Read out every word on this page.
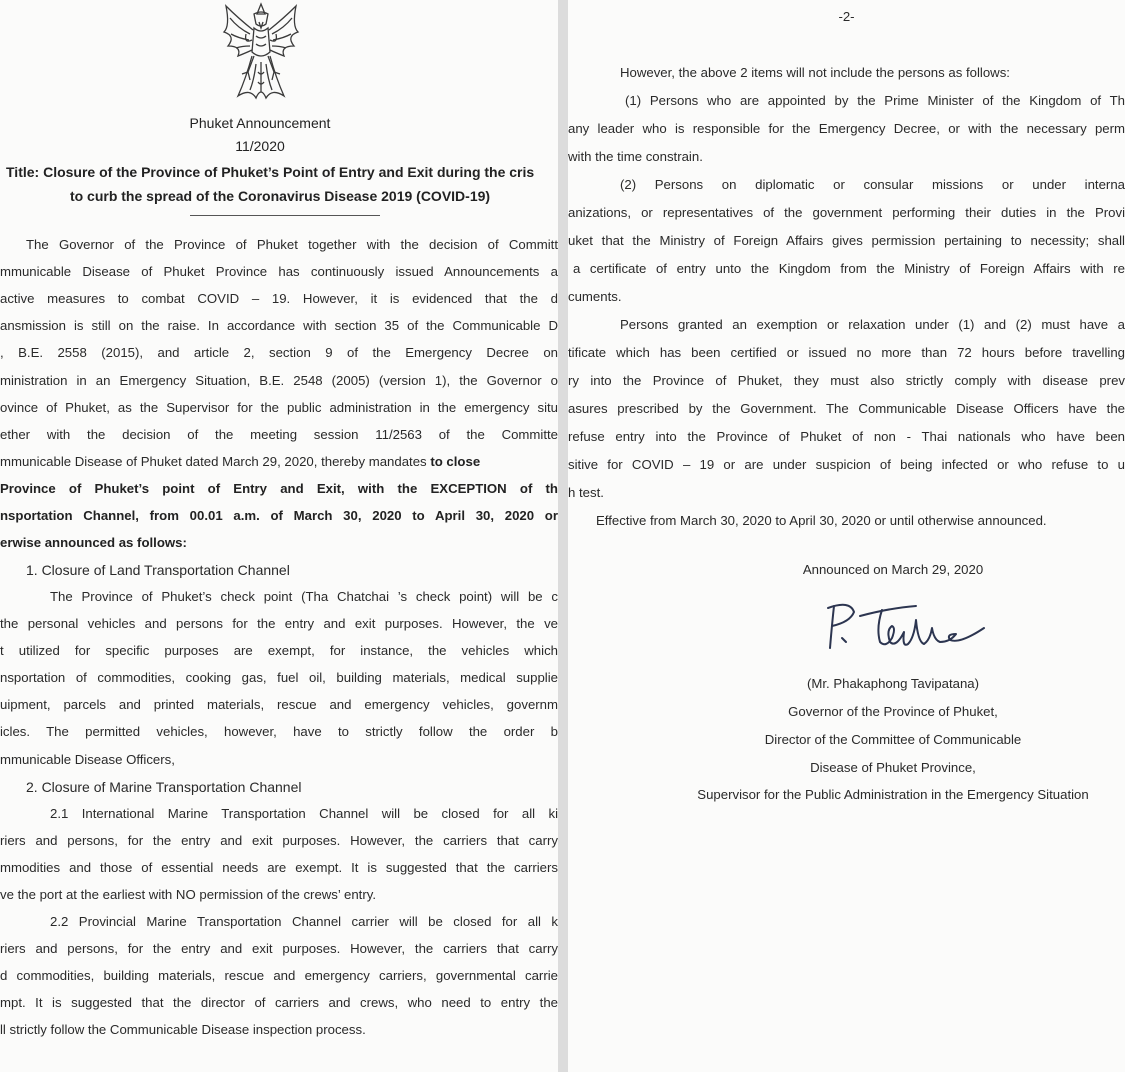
Phuket Announcement
11/2020
Title: Closure of the Province of Phuket’s Point of Entry and Exit during the cris
to curb the spread of the Coronavirus Disease 2019 (COVID-19)
The Governor of the Province of Phuket together with the decision of Committ
mmunicable Disease of Phuket Province has continuously issued Announcements a
active measures to combat COVID – 19. However, it is evidenced that the d
ansmission is still on the raise. In accordance with section 35 of the Communicable D
, B.E. 2558 (2015), and article 2, section 9 of the Emergency Decree on
ministration in an Emergency Situation, B.E. 2548 (2005) (version 1), the Governor o
ovince of Phuket, as the Supervisor for the public administration in the emergency situ
ether with the decision of the meeting session 11/2563 of the Committe
mmunicable Disease of Phuket dated March 29, 2020, thereby mandates to close
Province of Phuket’s point of Entry and Exit, with the EXCEPTION of th
nsportation Channel, from 00.01 a.m. of March 30, 2020 to April 30, 2020 or
erwise announced as follows:
1. Closure of Land Transportation Channel
The Province of Phuket’s check point (Tha Chatchai ’s check point) will be c
the personal vehicles and persons for the entry and exit purposes. However, the ve
t utilized for specific purposes are exempt, for instance, the vehicles which
nsportation of commodities, cooking gas, fuel oil, building materials, medical supplie
uipment, parcels and printed materials, rescue and emergency vehicles, governm
icles. The permitted vehicles, however, have to strictly follow the order b
mmunicable Disease Officers,
2. Closure of Marine Transportation Channel
2.1 International Marine Transportation Channel will be closed for all ki
riers and persons, for the entry and exit purposes. However, the carriers that carry
mmodities and those of essential needs are exempt. It is suggested that the carriers
ve the port at the earliest with NO permission of the crews’ entry.
2.2 Provincial Marine Transportation Channel carrier will be closed for all k
riers and persons, for the entry and exit purposes. However, the carriers that carry
d commodities, building materials, rescue and emergency carriers, governmental carrie
mpt. It is suggested that the director of carriers and crews, who need to entry the
ll strictly follow the Communicable Disease inspection process.
-2-
However, the above 2 items will not include the persons as follows:
(1) Persons who are appointed by the Prime Minister of the Kingdom of Th
any leader who is responsible for the Emergency Decree, or with the necessary perm
with the time constrain.
(2) Persons on diplomatic or consular missions or under interna
anizations, or representatives of the government performing their duties in the Provi
uket that the Ministry of Foreign Affairs gives permission pertaining to necessity; shall
a certificate of entry unto the Kingdom from the Ministry of Foreign Affairs with re
cuments.
Persons granted an exemption or relaxation under (1) and (2) must have a
tificate which has been certified or issued no more than 72 hours before travelling
ry into the Province of Phuket, they must also strictly comply with disease prev
asures prescribed by the Government. The Communicable Disease Officers have the
refuse entry into the Province of Phuket of non - Thai nationals who have been
sitive for COVID – 19 or are under suspicion of being infected or who refuse to u
h test.
Effective from March 30, 2020 to April 30, 2020 or until otherwise announced.
Announced on March 29, 2020
(Mr. Phakaphong Tavipatana)
Governor of the Province of Phuket,
Director of the Committee of Communicable
Disease of Phuket Province,
Supervisor for the Public Administration in the Emergency Situation
